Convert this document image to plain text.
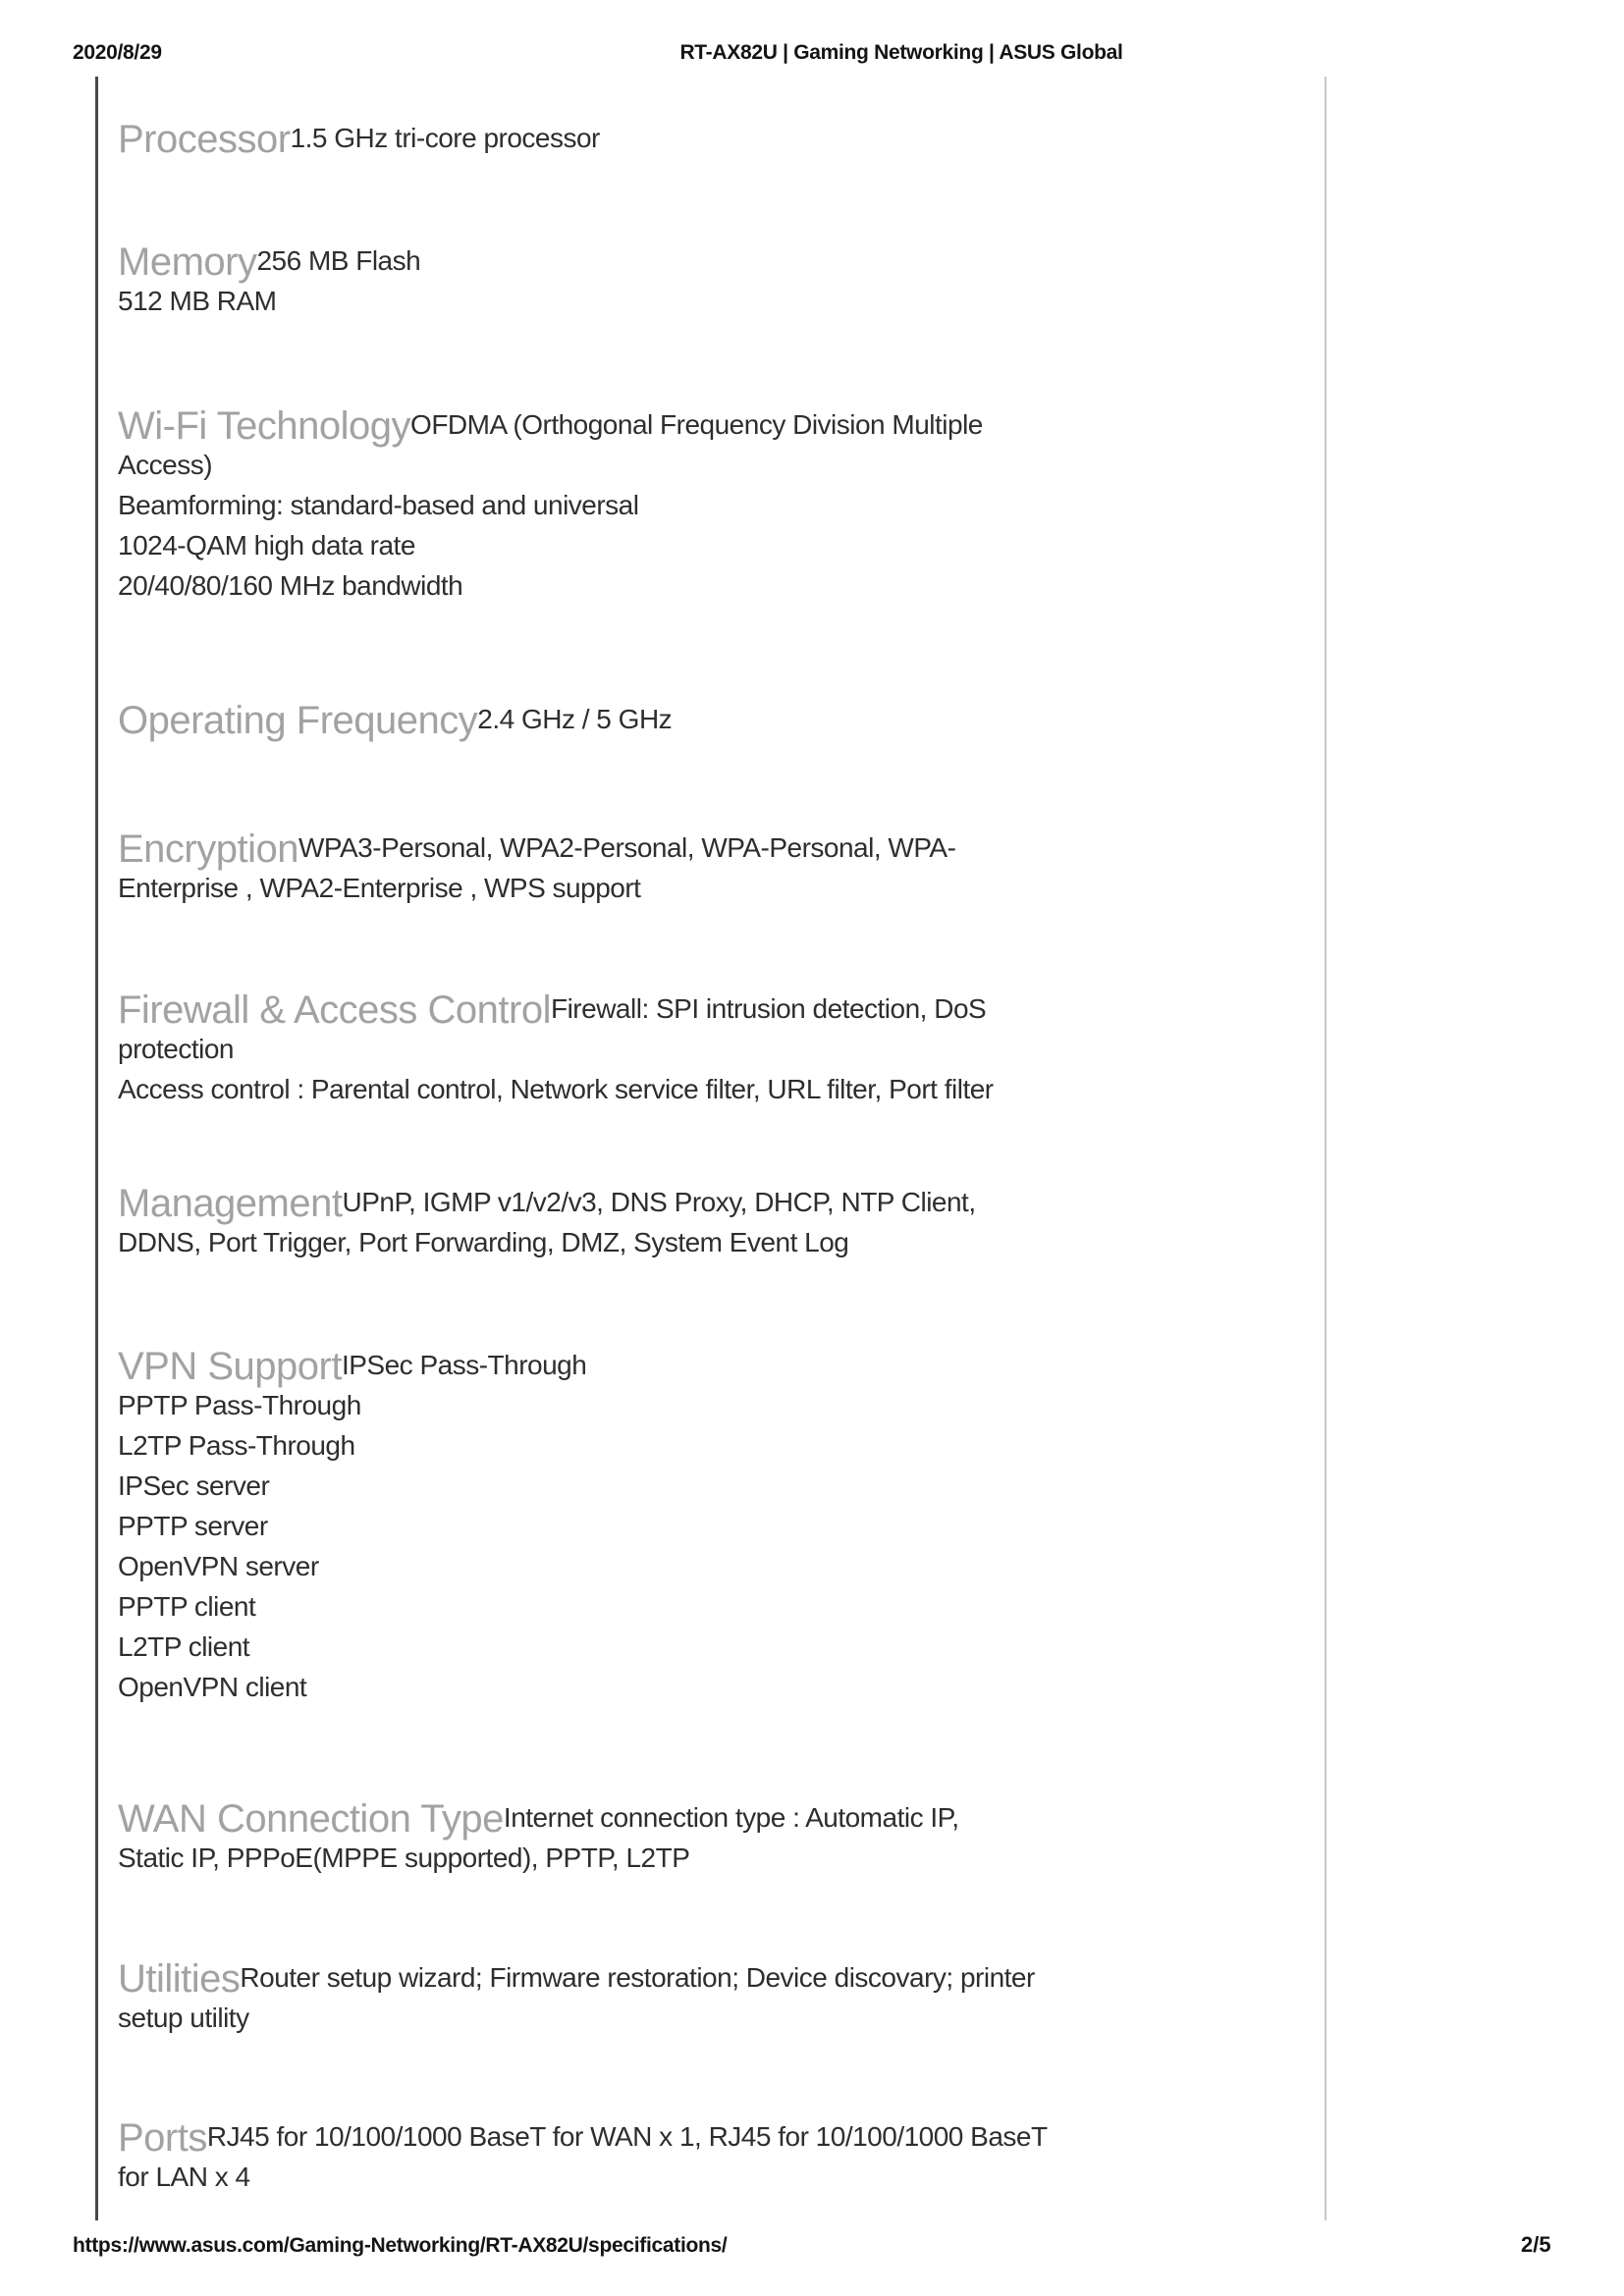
2020/8/29	RT-AX82U | Gaming Networking | ASUS Global
Processor1.5 GHz tri-core processor
Memory256 MB Flash
512 MB RAM
Wi-Fi TechnologyOFDMA (Orthogonal Frequency Division Multiple
Access)
Beamforming: standard-based and universal
1024-QAM high data rate
20/40/80/160 MHz bandwidth
Operating Frequency2.4 GHz / 5 GHz
EncryptionWPA3-Personal, WPA2-Personal, WPA-Personal, WPA-
Enterprise , WPA2-Enterprise , WPS support
Firewall & Access ControlFirewall: SPI intrusion detection, DoS
protection
Access control : Parental control, Network service filter, URL filter, Port filter
ManagementUPnP, IGMP v1/v2/v3, DNS Proxy, DHCP, NTP Client,
DDNS, Port Trigger, Port Forwarding, DMZ, System Event Log
VPN SupportIPSec Pass-Through
PPTP Pass-Through
L2TP Pass-Through
IPSec server
PPTP server
OpenVPN server
PPTP client
L2TP client
OpenVPN client
WAN Connection TypeInternet connection type : Automatic IP,
Static IP, PPPoE(MPPE supported), PPTP, L2TP
UtilitiesRouter setup wizard; Firmware restoration; Device discovary; printer
setup utility
PortsRJ45 for 10/100/1000 BaseT for WAN x 1, RJ45 for 10/100/1000 BaseT
for LAN x 4
https://www.asus.com/Gaming-Networking/RT-AX82U/specifications/	2/5
